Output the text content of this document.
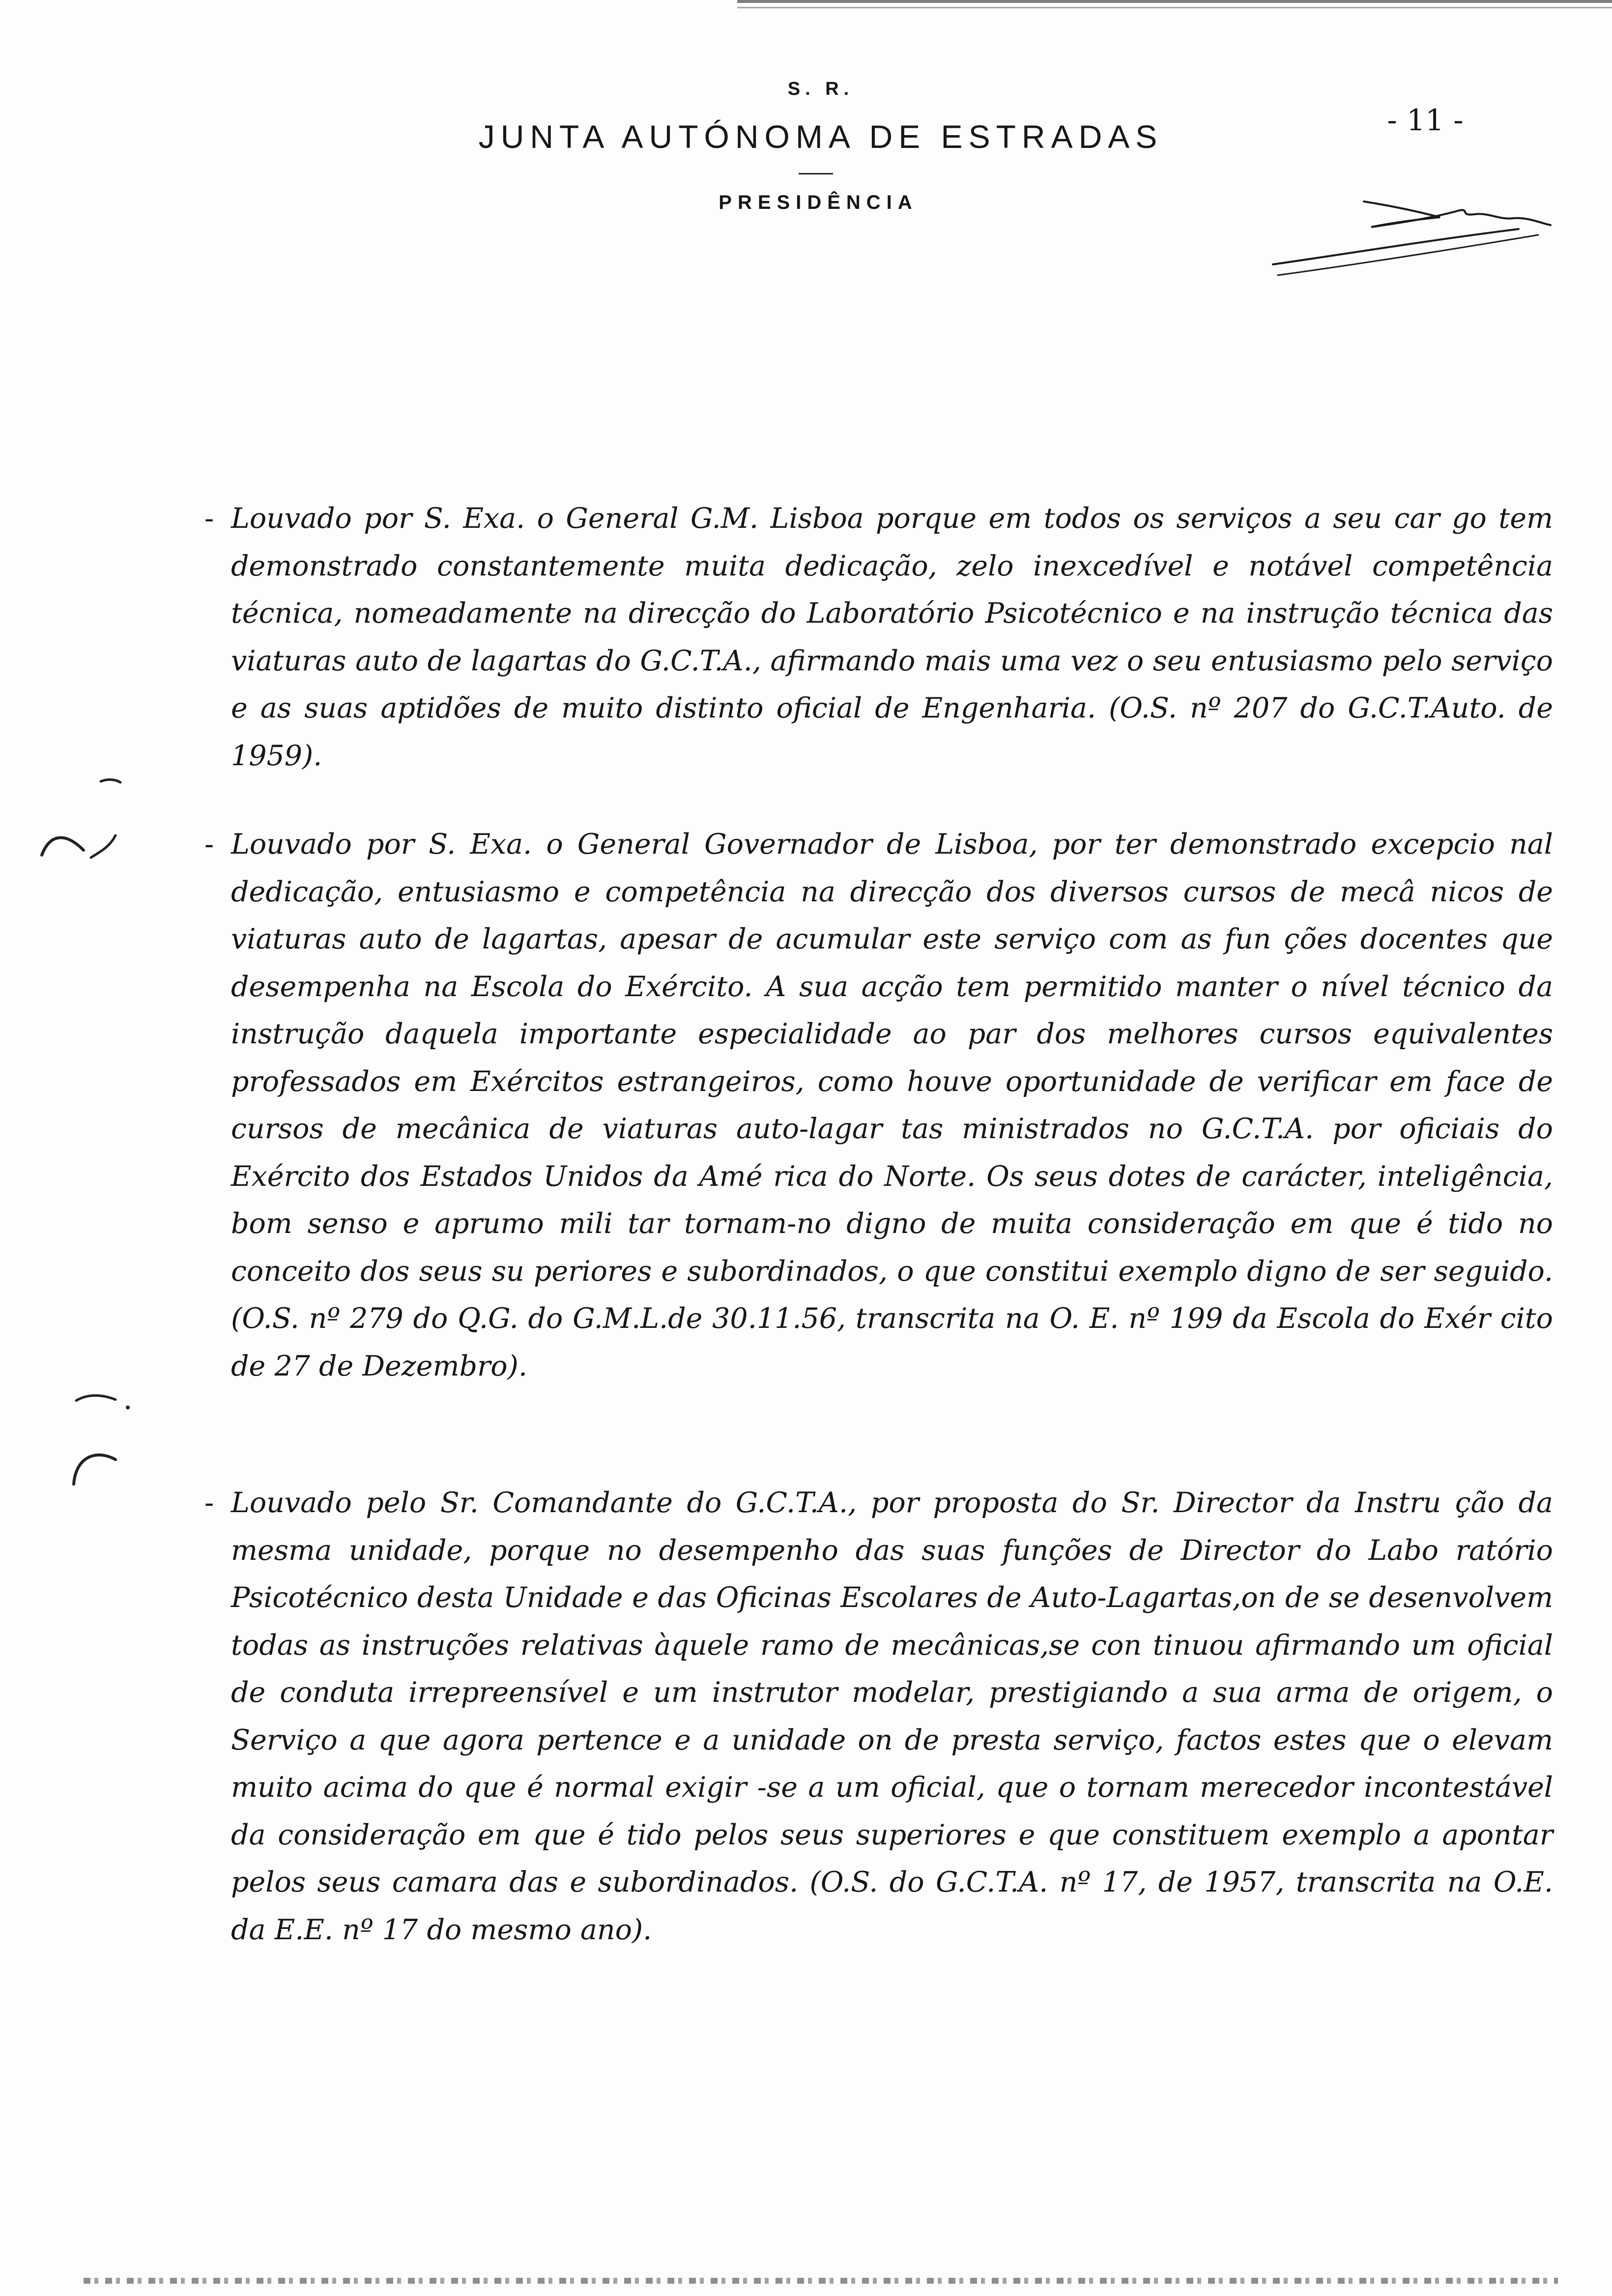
S. R.
JUNTA AUTÓNOMA DE ESTRADAS
PRESIDÊNCIA
- 11 -
- Louvado por S. Exa. o General G.M. Lisboa porque em todos os serviços a seu car go tem demonstrado constantemente muita dedicação, zelo inexcedível e notável competência técnica, nomeadamente na direcção do Laboratório Psicotécnico e na instrução técnica das viaturas auto de lagartas do G.C.T.A., afirmando mais uma vez o seu entusiasmo pelo serviço e as suas aptidões de muito distinto oficial de Engenharia. (O.S. nº 207 do G.C.T.Auto. de 1959).
- Louvado por S. Exa. o General Governador de Lisboa, por ter demonstrado excepcio nal dedicação, entusiasmo e competência na direcção dos diversos cursos de mecâ nicos de viaturas auto de lagartas, apesar de acumular este serviço com as fun ções docentes que desempenha na Escola do Exército. A sua acção tem permitido manter o nível técnico da instrução daquela importante especialidade ao par dos melhores cursos equivalentes professados em Exércitos estrangeiros, como houve oportunidade de verificar em face de cursos de mecânica de viaturas auto-lagar tas ministrados no G.C.T.A. por oficiais do Exército dos Estados Unidos da Amé rica do Norte. Os seus dotes de carácter, inteligência, bom senso e aprumo mili tar tornam-no digno de muita consideração em que é tido no conceito dos seus su periores e subordinados, o que constitui exemplo digno de ser seguido. (O.S. nº 279 do Q.G. do G.M.L.de 30.11.56, transcrita na O. E. nº 199 da Escola do Exér cito de 27 de Dezembro).
- Louvado pelo Sr. Comandante do G.C.T.A., por proposta do Sr. Director da Instru ção da mesma unidade, porque no desempenho das suas funções de Director do Labo ratório Psicotécnico desta Unidade e das Oficinas Escolares de Auto-Lagartas,on de se desenvolvem todas as instruções relativas àquele ramo de mecânicas,se con tinuou afirmando um oficial de conduta irrepreensível e um instrutor modelar, prestigiando a sua arma de origem, o Serviço a que agora pertence e a unidade on de presta serviço, factos estes que o elevam muito acima do que é normal exigir -se a um oficial, que o tornam merecedor incontestável da consideração em que é tido pelos seus superiores e que constituem exemplo a apontar pelos seus camara das e subordinados. (O.S. do G.C.T.A. nº 17, de 1957, transcrita na O.E. da E.E. nº 17 do mesmo ano).
